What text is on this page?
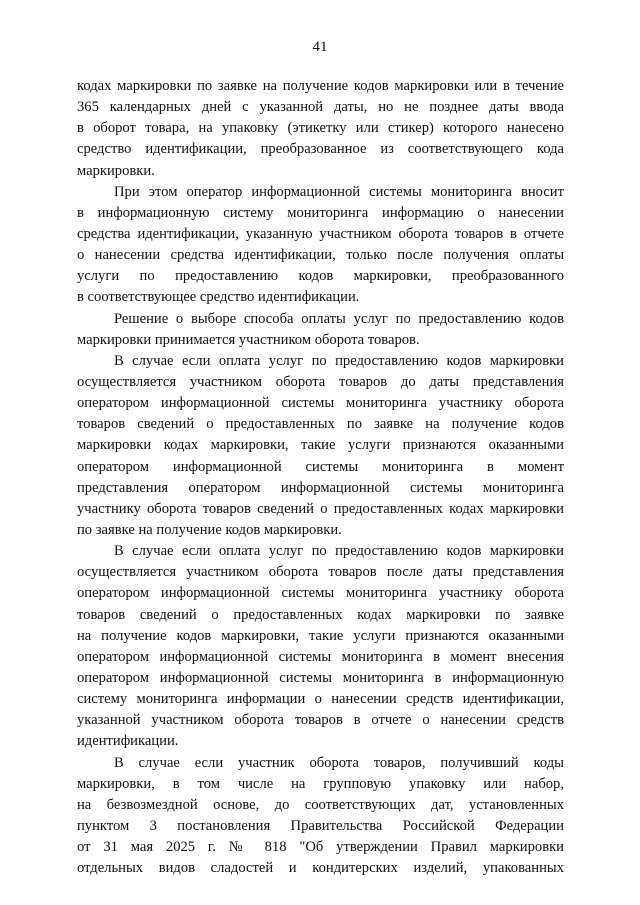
41
кодах маркировки по заявке на получение кодов маркировки или в течение
365 календарных дней с указанной даты, но не позднее даты ввода
в оборот товара, на упаковку (этикетку или стикер) которого нанесено
средство идентификации, преобразованное из соответствующего кода
маркировки.
При этом оператор информационной системы мониторинга вносит
в информационную систему мониторинга информацию о нанесении
средства идентификации, указанную участником оборота товаров в отчете
о нанесении средства идентификации, только после получения оплаты
услуги по предоставлению кодов маркировки, преобразованного
в соответствующее средство идентификации.
Решение о выборе способа оплаты услуг по предоставлению кодов
маркировки принимается участником оборота товаров.
В случае если оплата услуг по предоставлению кодов маркировки
осуществляется участником оборота товаров до даты представления
оператором информационной системы мониторинга участнику оборота
товаров сведений о предоставленных по заявке на получение кодов
маркировки кодах маркировки, такие услуги признаются оказанными
оператором информационной системы мониторинга в момент
представления оператором информационной системы мониторинга
участнику оборота товаров сведений о предоставленных кодах маркировки
по заявке на получение кодов маркировки.
В случае если оплата услуг по предоставлению кодов маркировки
осуществляется участником оборота товаров после даты представления
оператором информационной системы мониторинга участнику оборота
товаров сведений о предоставленных кодах маркировки по заявке
на получение кодов маркировки, такие услуги признаются оказанными
оператором информационной системы мониторинга в момент внесения
оператором информационной системы мониторинга в информационную
систему мониторинга информации о нанесении средств идентификации,
указанной участником оборота товаров в отчете о нанесении средств
идентификации.
В случае если участник оборота товаров, получивший коды
маркировки, в том числе на групповую упаковку или набор,
на безвозмездной основе, до соответствующих дат, установленных
пунктом 3 постановления Правительства Российской Федерации
от 31 мая 2025 г. № 818 "Об утверждении Правил маркировки
отдельных видов сладостей и кондитерских изделий, упакованных
